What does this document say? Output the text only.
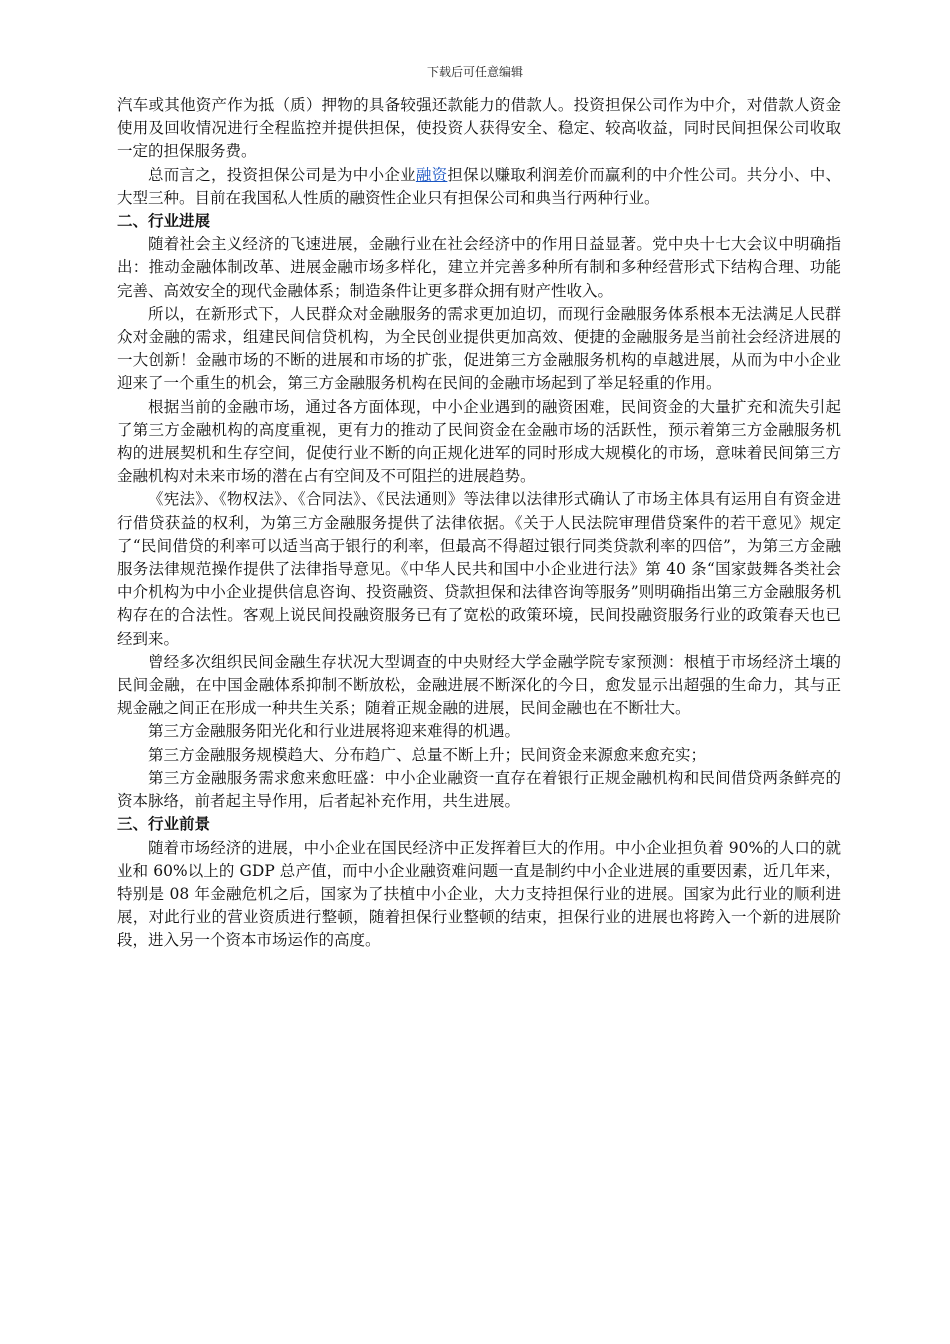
下载后可任意编辑

汽车或其他资产作为抵（质）押物的具备较强还款能力的借款人。投资担保公司作为中介，对借款人资金使用及回收情况进行全程监控并提供担保，使投资人获得安全、稳定、较高收益，同时民间担保公司收取一定的担保服务费。

总而言之，投资担保公司是为中小企业融资担保以赚取利润差价而赢利的中介性公司。共分小、中、大型三种。目前在我国私人性质的融资性企业只有担保公司和典当行两种行业。

二、行业进展

随着社会主义经济的飞速进展，金融行业在社会经济中的作用日益显著。党中央十七大会议中明确指出：推动金融体制改革、进展金融市场多样化，建立并完善多种所有制和多种经营形式下结构合理、功能完善、高效安全的现代金融体系；制造条件让更多群众拥有财产性收入。

所以，在新形式下，人民群众对金融服务的需求更加迫切，而现行金融服务体系根本无法满足人民群众对金融的需求，组建民间信贷机构，为全民创业提供更加高效、便捷的金融服务是当前社会经济进展的一大创新！金融市场的不断的进展和市场的扩张，促进第三方金融服务机构的卓越进展，从而为中小企业迎来了一个重生的机会，第三方金融服务机构在民间的金融市场起到了举足轻重的作用。

根据当前的金融市场，通过各方面体现，中小企业遇到的融资困难，民间资金的大量扩充和流失引起了第三方金融机构的高度重视，更有力的推动了民间资金在金融市场的活跃性，预示着第三方金融服务机构的进展契机和生存空间，促使行业不断的向正规化进军的同时形成大规模化的市场，意味着民间第三方金融机构对未来市场的潜在占有空间及不可阻拦的进展趋势。

《宪法》、《物权法》、《合同法》、《民法通则》等法律以法律形式确认了市场主体具有运用自有资金进行借贷获益的权利，为第三方金融服务提供了法律依据。《关于人民法院审理借贷案件的若干意见》规定了“民间借贷的利率可以适当高于银行的利率，但最高不得超过银行同类贷款利率的四倍”，为第三方金融服务法律规范操作提供了法律指导意见。《中华人民共和国中小企业进行法》第 40 条“国家鼓舞各类社会中介机构为中小企业提供信息咨询、投资融资、贷款担保和法律咨询等服务”则明确指出第三方金融服务机构存在的合法性。客观上说民间投融资服务已有了宽松的政策环境，民间投融资服务行业的政策春天也已经到来。

曾经多次组织民间金融生存状况大型调查的中央财经大学金融学院专家预测：根植于市场经济土壤的民间金融，在中国金融体系抑制不断放松，金融进展不断深化的今日，愈发显示出超强的生命力，其与正规金融之间正在形成一种共生关系；随着正规金融的进展，民间金融也在不断壮大。

第三方金融服务阳光化和行业进展将迎来难得的机遇。

第三方金融服务规模趋大、分布趋广、总量不断上升；民间资金来源愈来愈充实；

第三方金融服务需求愈来愈旺盛：中小企业融资一直存在着银行正规金融机构和民间借贷两条鲜亮的资本脉络，前者起主导作用，后者起补充作用，共生进展。

三、行业前景

随着市场经济的进展，中小企业在国民经济中正发挥着巨大的作用。中小企业担负着 90%的人口的就业和 60%以上的 GDP 总产值，而中小企业融资难问题一直是制约中小企业进展的重要因素，近几年来，特别是 08 年金融危机之后，国家为了扶植中小企业，大力支持担保行业的进展。国家为此行业的顺利进展，对此行业的营业资质进行整顿，随着担保行业整顿的结束，担保行业的进展也将跨入一个新的进展阶段，进入另一个资本市场运作的高度。
